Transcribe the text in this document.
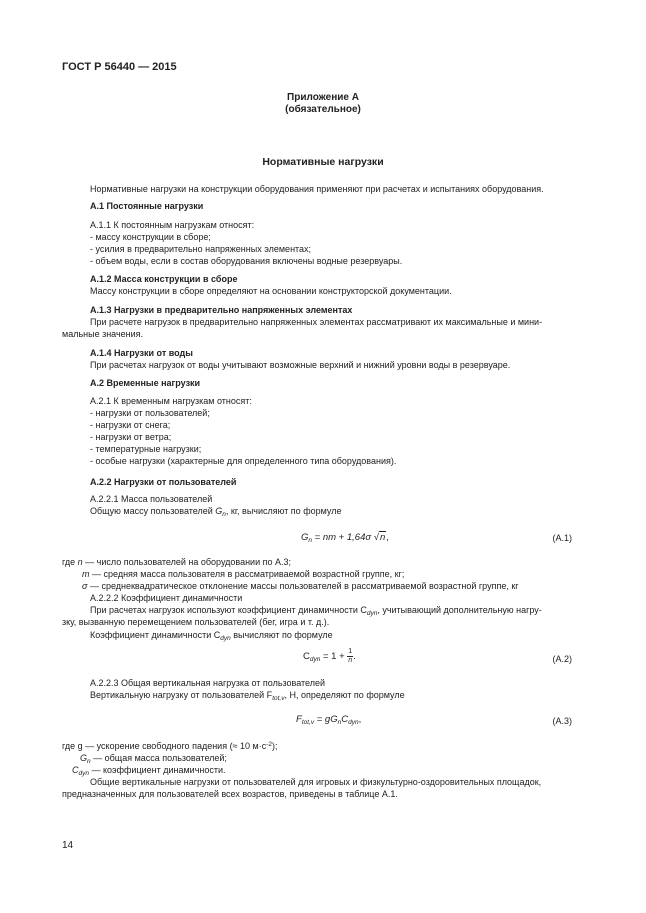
ГОСТ Р 56440 — 2015
Приложение А
(обязательное)
Нормативные нагрузки
Нормативные нагрузки на конструкции оборудования применяют при расчетах и испытаниях оборудования.
А.1 Постоянные нагрузки
А.1.1 К постоянным нагрузкам относят:
- массу конструкции в сборе;
- усилия в предварительно напряженных элементах;
- объем воды, если в состав оборудования включены водные резервуары.
А.1.2 Масса конструкции в сборе
Массу конструкции в сборе определяют на основании конструкторской документации.
А.1.3 Нагрузки в предварительно напряженных элементах
При расчете нагрузок в предварительно напряженных элементах рассматривают их максимальные и мини-
мальные значения.
А.1.4 Нагрузки от воды
При расчетах нагрузок от воды учитывают возможные верхний и нижний уровни воды в резервуаре.
А.2 Временные нагрузки
А.2.1 К временным нагрузкам относят:
- нагрузки от пользователей;
- нагрузки от снега;
- нагрузки от ветра;
- температурные нагрузки;
- особые нагрузки (характерные для определенного типа оборудования).
А.2.2 Нагрузки от пользователей
А.2.2.1 Масса пользователей
Общую массу пользователей $G_n$, кг, вычисляют по формуле
$G_n$ = nm + 1,64σ √n,	(А.1)
где n — число пользователей на оборудовании по А.3;
m — средняя масса пользователя в рассматриваемой возрастной группе, кг;
σ — среднеквадратическое отклонение массы пользователей в рассматриваемой возрастной группе, кг
А.2.2.2 Коэффициент динамичности
При расчетах нагрузок используют коэффициент динамичности $С_{dyn}$, учитывающий дополнительную нагру-
зку, вызванную перемещением пользователей (бег, игра и т. д.).
Коэффициент динамичности $С_{dyn}$ вычисляют по формуле
$С_{dyn} = 1 + \frac{1}{n}$ .	(А.2)
А.2.2.3 Общая вертикальная нагрузка от пользователей
Вертикальную нагрузку от пользователей $F_{tot,v}$, Н, определяют по формуле
$F_{tot,v} = gG_nC_{dyn}$,	(А.3)
где g — ускорение свободного падения (≈ 10 $м\cdot с^{-2}$);
$G_n$ — общая масса пользователей;
$C_{dyn}$ — коэффициент динамичности.
Общие вертикальные нагрузки от пользователей для игровых и физкультурно-оздоровительных площадок,
предназначенных для пользователей всех возрастов, приведены в таблице А.1.
14
